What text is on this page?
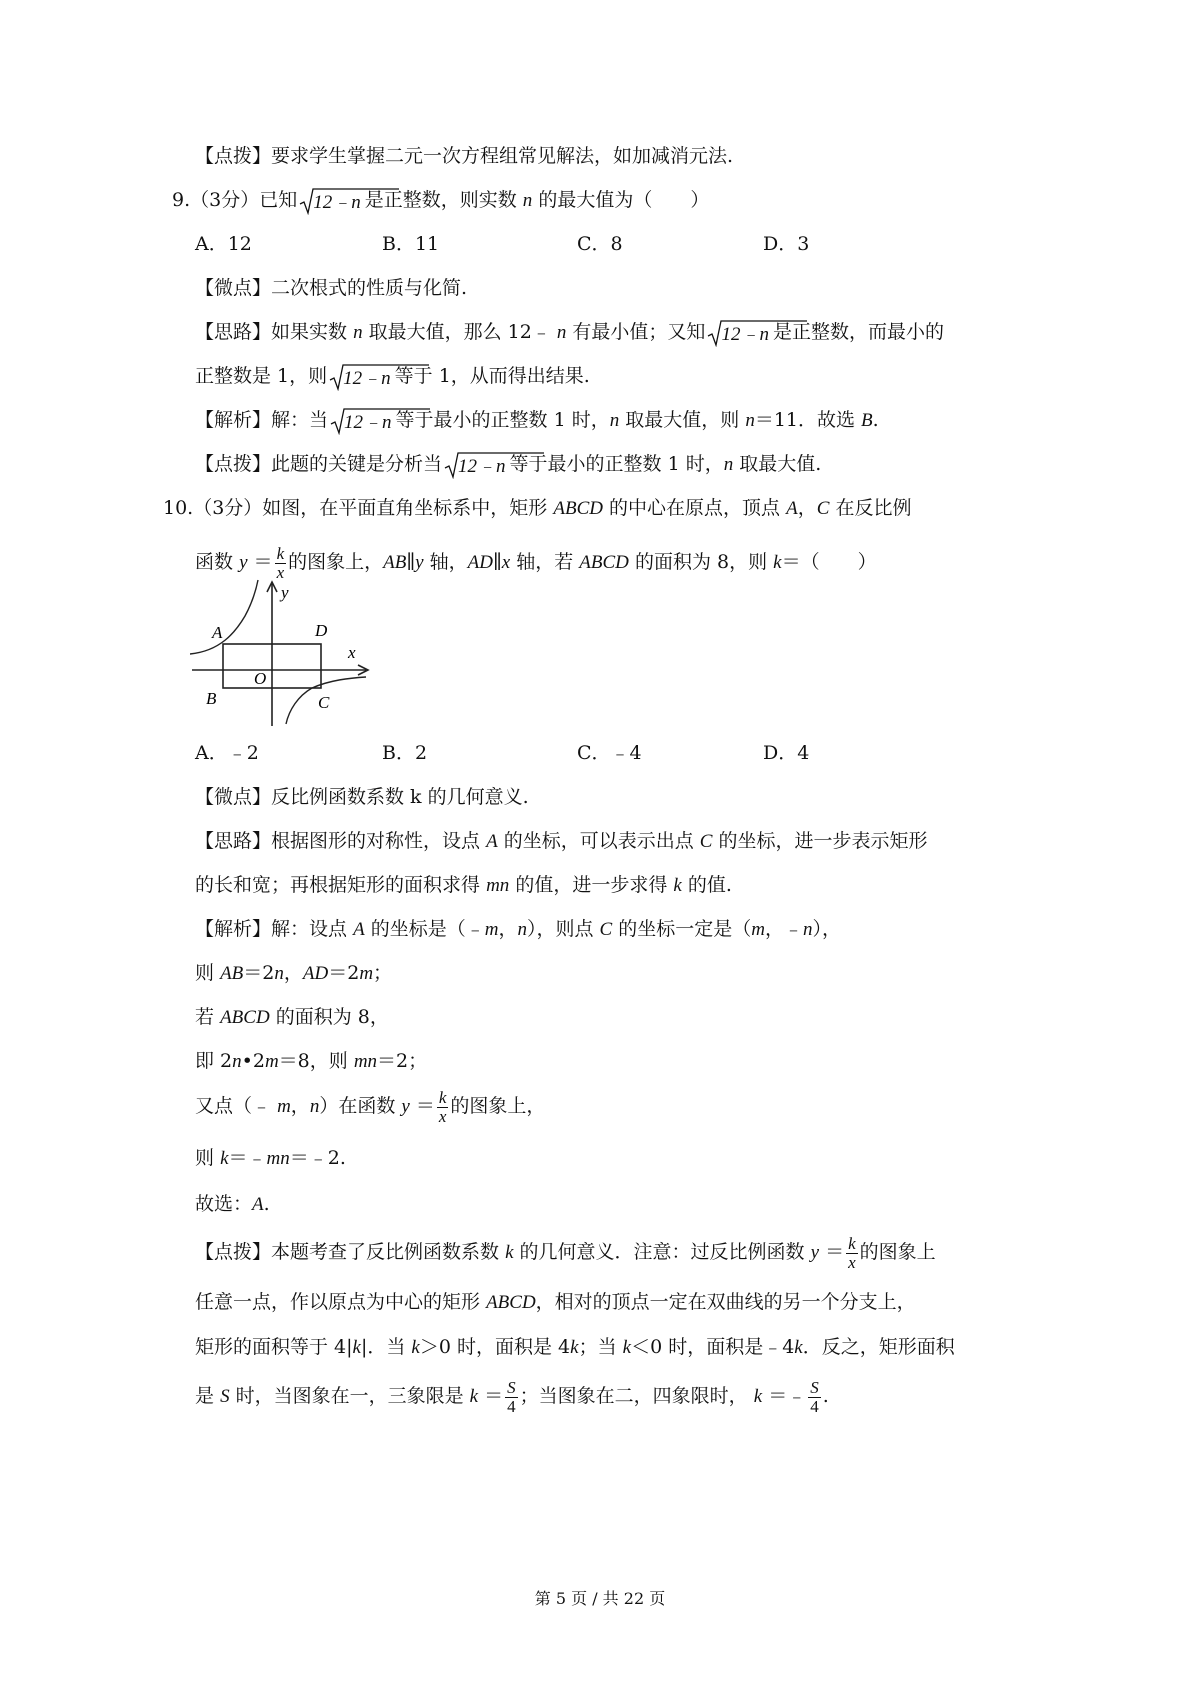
【点拨】要求学生掌握二元一次方程组常见解法，如加减消元法.
9.（3分）已知 12﹣n 是正整数，则实数 n 的最大值为（　　）
A．12	B．11	C．8	D．3
【微点】二次根式的性质与化简.
【思路】如果实数 n 取最大值，那么 12﹣ n 有最小值；又知 12﹣n 是正整数，而最小的
正整数是 1，则 12﹣n 等于 1，从而得出结果.
【解析】解：当 12﹣n 等于最小的正整数 1 时，n 取最大值，则 n＝11．故选 B.
【点拨】此题的关键是分析当 12﹣n 等于最小的正整数 1 时，n 取最大值.
10.（3分）如图，在平面直角坐标系中，矩形 ABCD 的中心在原点，顶点 A，C 在反比例
函数 $y = \frac{k}{x}$ 的图象上，AB∥y 轴，AD∥x 轴，若 ABCD 的面积为 8，则 k＝（　　）
A	D
B	C
O
x
y
A．﹣2	B．2	C．﹣4	D．4
【微点】反比例函数系数 k 的几何意义.
【思路】根据图形的对称性，设点 A 的坐标，可以表示出点 C 的坐标，进一步表示矩形
的长和宽；再根据矩形的面积求得 mn 的值，进一步求得 k 的值.
【解析】解：设点 A 的坐标是（﹣m，n），则点 C 的坐标一定是（m，﹣n），
则 AB＝2n，AD＝2m；
若 ABCD 的面积为 8，
即 2n•2m＝8，则 mn＝2；
又点（﹣ m，n）在函数 $y = \frac{k}{x}$ 的图象上，
则 k＝﹣mn＝﹣2.
故选：A.
【点拨】本题考查了反比例函数系数 k 的几何意义．注意：过反比例函数 $y = \frac{k}{x}$ 的图象上
任意一点，作以原点为中心的矩形 ABCD，相对的顶点一定在双曲线的另一个分支上，
矩形的面积等于 4|k|．当 k＞0 时，面积是 4k；当 k＜0 时，面积是﹣4k．反之，矩形面积
是 S 时，当图象在一，三象限是 $k = \frac{S}{4}$ ；当图象在二，四象限时， k ＝﹣ $\frac{S}{4}$ .
第 5 页 / 共 22 页
